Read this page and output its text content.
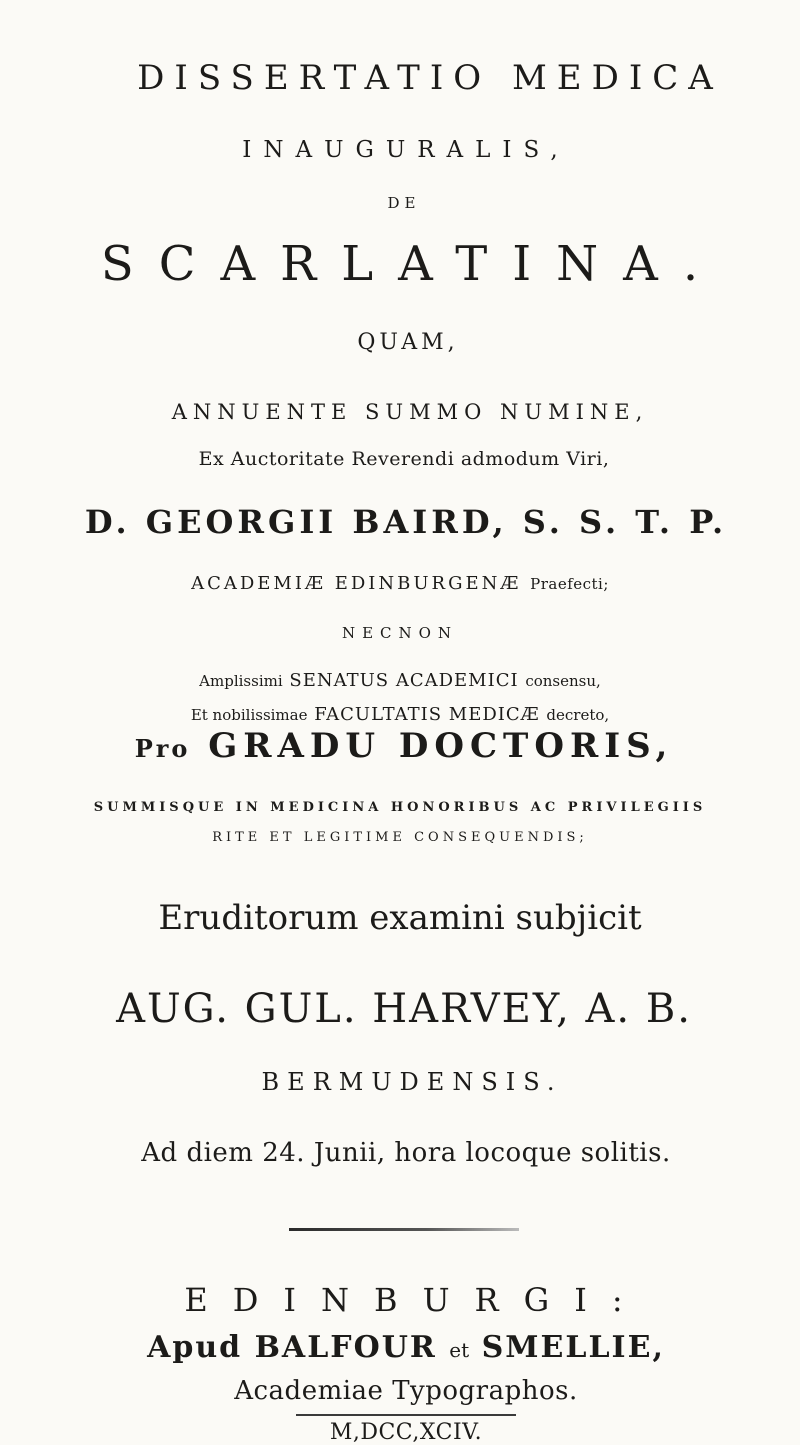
DISSERTATIO MEDICA
INAUGURALIS,
DE
SCARLATINA.
QUAM,
ANNUENTE SUMMO NUMINE,
Ex Auctoritate Reverendi admodum Viri,
D. GEORGII BAIRD, S. S. T. P.
ACADEMIÆ EDINBURGENÆ Praefecti;
NECNON
Amplissimi SENATUS ACADEMICI consensu,
Et nobilissimae FACULTATIS MEDICÆ decreto,
Pro GRADU DOCTORIS,
SUMMISQUE IN MEDICINA HONORIBUS AC PRIVILEGIIS
RITE ET LEGITIME CONSEQUENDIS;
Eruditorum examini subjicit
AUG. GUL. HARVEY, A. B.
BERMUDENSIS.
Ad diem 24. Junii, hora locoque solitis.
EDINBURGI:
Apud BALFOUR et SMELLIE,
Academiae Typographos.
M,DCC,XCIV.
